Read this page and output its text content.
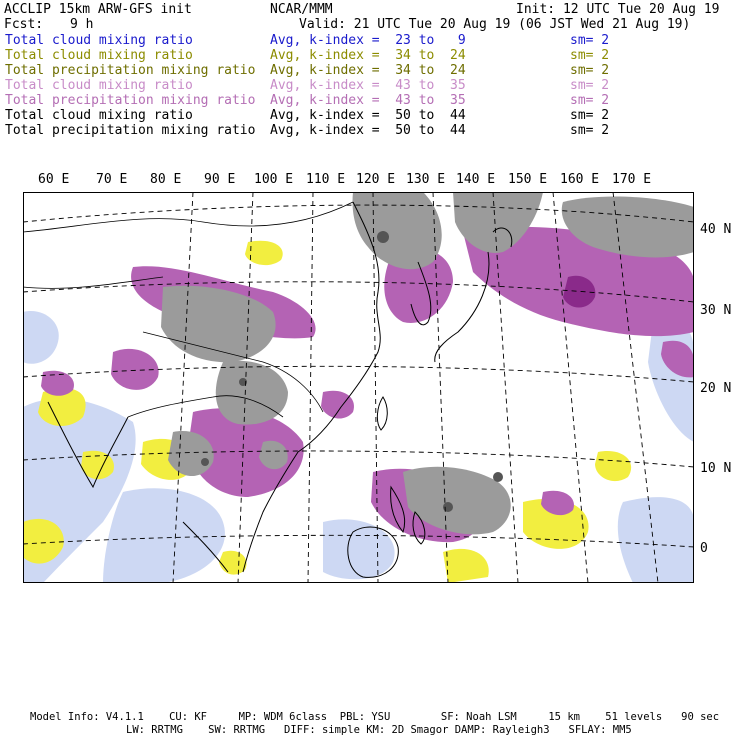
ACCLIP 15km ARW-GFS init	NCAR/MMM	Init: 12 UTC Tue 20 Aug 19
Fcst: 9 h	Valid: 21 UTC Tue 20 Aug 19 (06 JST Wed 21 Aug 19)
Total cloud mixing ratio	Avg, k-index =  23 to   9	sm= 2
Total cloud mixing ratio	Avg, k-index =  34 to  24	sm= 2
Total precipitation mixing ratio Avg, k-index =  34 to  24	sm= 2
Total cloud mixing ratio	Avg, k-index =  43 to  35	sm= 2
Total precipitation mixing ratio Avg, k-index =  43 to  35	sm= 2
Total cloud mixing ratio	Avg, k-index =  50 to  44	sm= 2
Total precipitation mixing ratio Avg, k-index =  50 to  44	sm= 2
60 E 70 E 80 E 90 E 100 E 110 E 120 E 130 E 140 E 150 E 160 E 170 E
40 N
30 N
20 N
10 N
0
Model Info: V4.1.1    CU: KF     MP: WDM 6class  PBL: YSU        SF: Noah LSM     15 km    51 levels   90 sec
LW: RRTMG    SW: RRTMG   DIFF: simple KM: 2D Smagor DAMP: Rayleigh3   SFLAY: MM5
